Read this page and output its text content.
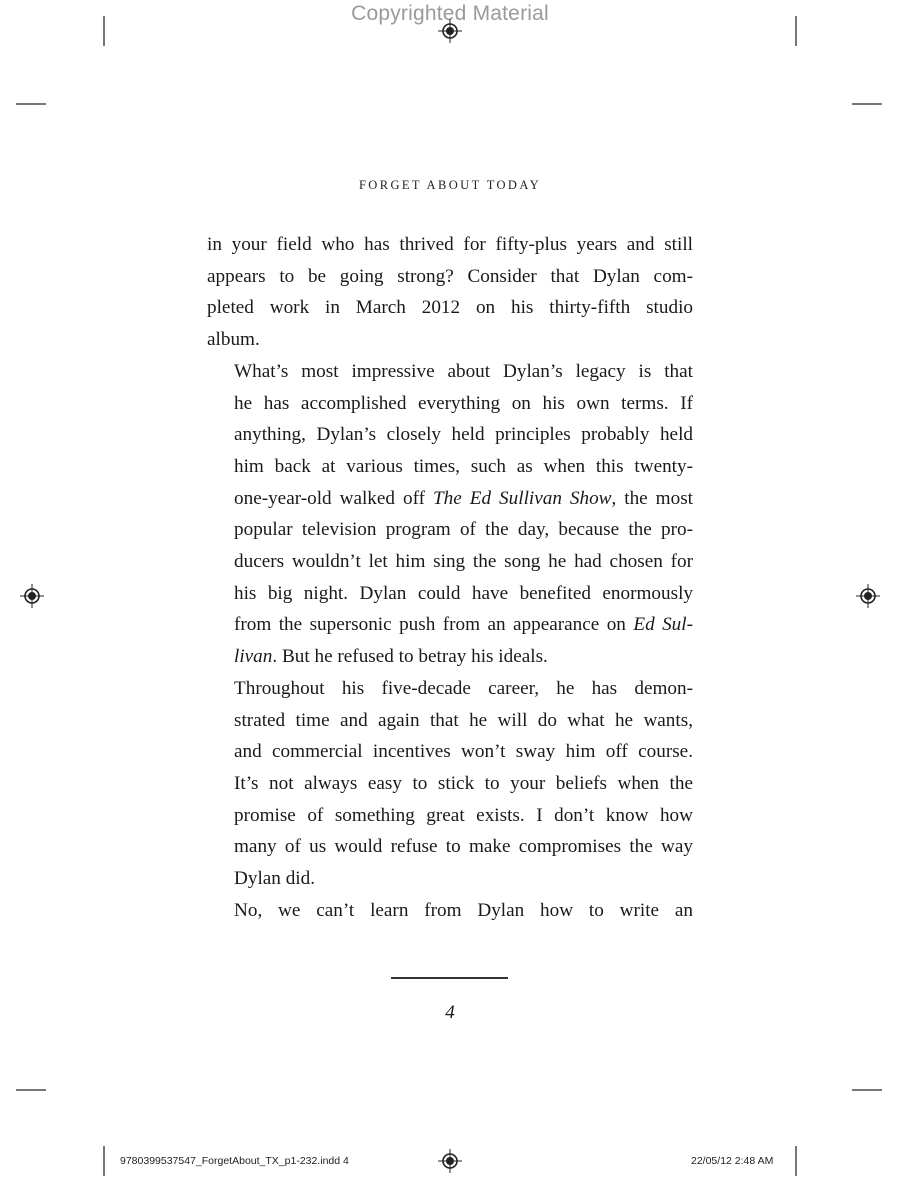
Copyrighted Material
FORGET ABOUT TODAY

in your field who has thrived for fifty-plus years and still
appears to be going strong? Consider that Dylan com-
pleted work in March 2012 on his thirty-fifth studio
album.

What’s most impressive about Dylan’s legacy is that
he has accomplished everything on his own terms. If
anything, Dylan’s closely held principles probably held
him back at various times, such as when this twenty-
one-year-old walked off The Ed Sullivan Show, the most
popular television program of the day, because the pro-
ducers wouldn’t let him sing the song he had chosen for
his big night. Dylan could have benefited enormously
from the supersonic push from an appearance on Ed Sul-
livan. But he refused to betray his ideals.

Throughout his five-decade career, he has demon-
strated time and again that he will do what he wants,
and commercial incentives won’t sway him off course.
It’s not always easy to stick to your beliefs when the
promise of something great exists. I don’t know how
many of us would refuse to make compromises the way
Dylan did.

No, we can’t learn from Dylan how to write an

4
9780399537547_ForgetAbout_TX_p1-232.indd 4	22/05/12 2:48 AM
